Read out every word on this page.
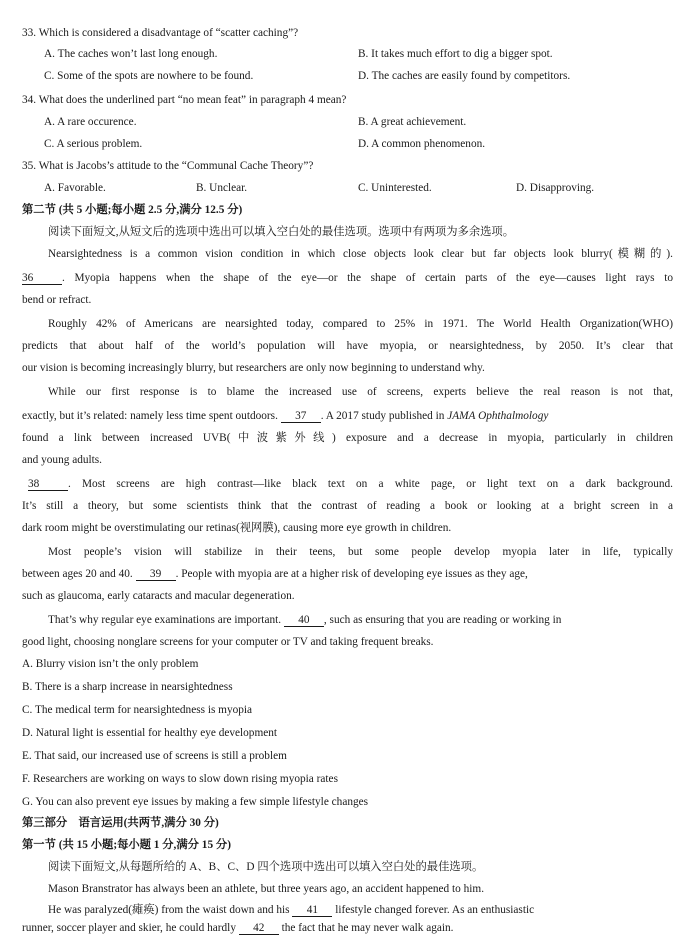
33. Which is considered a disadvantage of “scatter caching”?
A. The caches won’t last long enough.	B. It takes much effort to dig a bigger spot.
C. Some of the spots are nowhere to be found.	D. The caches are easily found by competitors.
34. What does the underlined part “no mean feat” in paragraph 4 mean?
A. A rare occurence.	B. A great achievement.
C. A serious problem.	D. A common phenomenon.
35. What is Jacobs’s attitude to the “Communal Cache Theory”?
A. Favorable.	B. Unclear.	C. Uninterested.	D. Disapproving.
第二节 (共 5 小题;每小题 2.5 分,满分 12.5 分)
阅读下面短文,从短文后的选项中选出可以填入空白处的最佳选项。选项中有两项为多余选项。
Nearsightedness is a common vision condition in which close objects look clear but far objects look blurry(模糊的).
36	. Myopia happens when the shape of the eye—or the shape of certain parts of the eye—causes light rays to
bend or refract.
Roughly 42% of Americans are nearsighted today, compared to 25% in 1971. The World Health Organization(WHO)
predicts that about half of the world’s population will have myopia, or nearsightedness, by 2050. It’s clear that
our vision is becoming increasingly blurry, but researchers are only now beginning to understand why.
While our first response is to blame the increased use of screens, experts believe the real reason is not that,
exactly, but it’s related: namely less time spent outdoors. 37 . A 2017 study published in JAMA Ophthalmology
found a link between increased UVB(中波紫外线) exposure and a decrease in myopia, particularly in children
and young adults.
38	. Most screens are high contrast—like black text on a white page, or light text on a dark background.
It’s still a theory, but some scientists think that the contrast of reading a book or looking at a bright screen in a
dark room might be overstimulating our retinas(视网膜), causing more eye growth in children.
Most people’s vision will stabilize in their teens, but some people develop myopia later in life, typically
between ages 20 and 40. 39 . People with myopia are at a higher risk of developing eye issues as they age,
such as glaucoma, early cataracts and macular degeneration.
That’s why regular eye examinations are important. 40 , such as ensuring that you are reading or working in
good light, choosing nonglare screens for your computer or TV and taking frequent breaks.
A. Blurry vision isn’t the only problem
B. There is a sharp increase in nearsightedness
C. The medical term for nearsightedness is myopia
D. Natural light is essential for healthy eye development
E. That said, our increased use of screens is still a problem
F. Researchers are working on ways to slow down rising myopia rates
G. You can also prevent eye issues by making a few simple lifestyle changes
第三部分　语言运用(共两节,满分 30 分)
第一节 (共 15 小题;每小题 1 分,满分 15 分)
阅读下面短文,从每题所给的 A、B、C、D 四个选项中选出可以填入空白处的最佳选项。
Mason Branstrator has always been an athlete, but three years ago, an accident happened to him.
He was paralyzed(瘫痪) from the waist down and his 41 lifestyle changed forever. As an enthusiastic
runner, soccer player and skier, he could hardly 42 the fact that he may never walk again.
